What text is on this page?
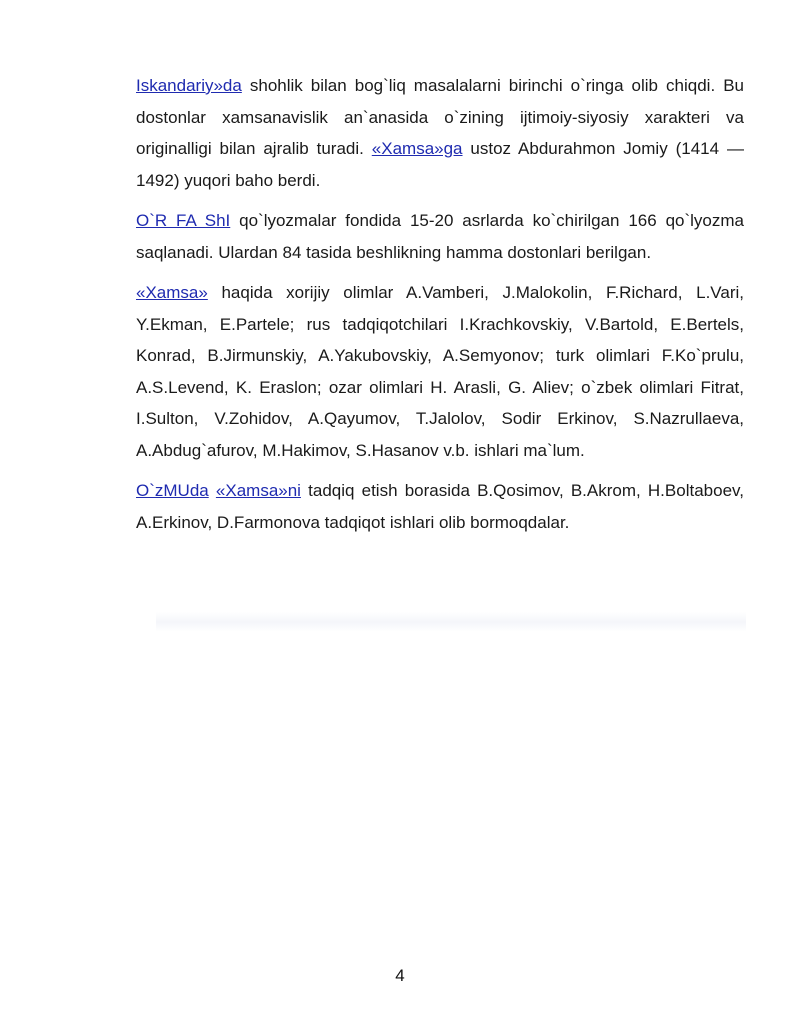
Iskandariy»da shohlik bilan bog`liq masalalarni birinchi o`ringa olib chiqdi. Bu dostonlar xamsanavislik an`anasida o`zining ijtimoiy-siyosiy xarakteri va originalligi bilan ajralib turadi. «Xamsa»ga ustoz Abdurahmon Jomiy (1414 —1492) yuqori baho berdi.

O`R FA ShI qo`lyozmalar fondida 15-20 asrlarda ko`chirilgan 166 qo`lyozma saqlanadi. Ulardan 84 tasida beshlikning hamma dostonlari berilgan.

«Xamsa» haqida xorijiy olimlar A.Vamberi, J.Malokolin, F.Richard, L.Vari, Y.Ekman, E.Partele; rus tadqiqotchilari I.Krachkovskiy, V.Bartold, E.Bertels, Konrad, B.Jirmunskiy, A.Yakubovskiy, A.Semyonov; turk olimlari F.Ko`prulu, A.S.Levend, K. Eraslon; ozar olimlari H. Arasli, G. Aliev; o`zbek olimlari Fitrat, I.Sulton, V.Zohidov, A.Qayumov, T.Jalolov, Sodir Erkinov, S.Nazrullaeva, A.Abdug`afurov, M.Hakimov, S.Hasanov v.b. ishlari ma`lum.

O`zMUda «Xamsa»ni tadqiq etish borasida B.Qosimov, B.Akrom, H.Boltaboev, A.Erkinov, D.Farmonova tadqiqot ishlari olib bormoqdalar.

4
